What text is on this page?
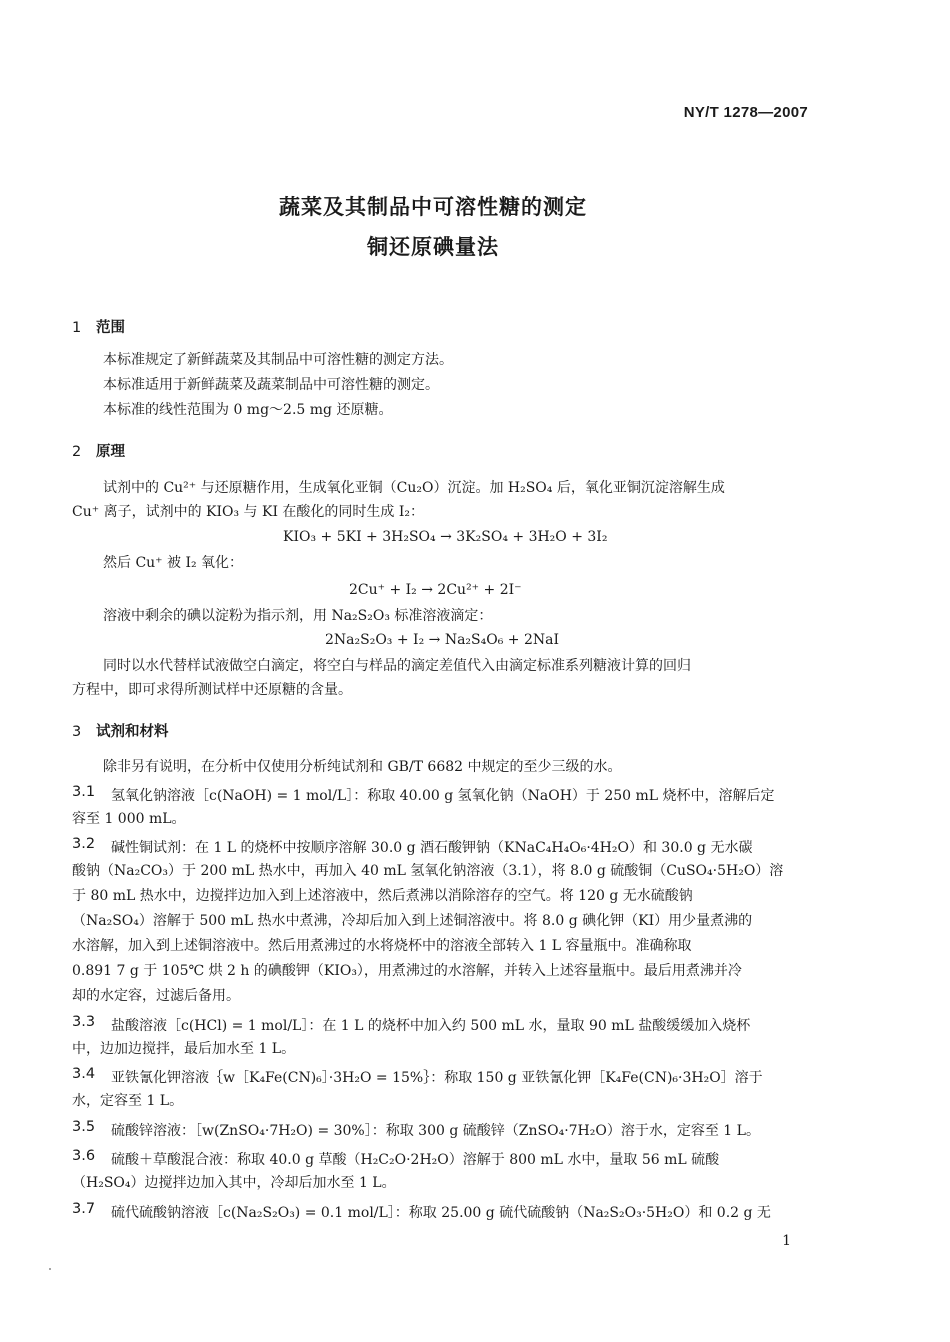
NY/T 1278—2007
蔬菜及其制品中可溶性糖的测定
铜还原碘量法
1 范围
本标准规定了新鲜蔬菜及其制品中可溶性糖的测定方法。
本标准适用于新鲜蔬菜及蔬菜制品中可溶性糖的测定。
本标准的线性范围为 0 mg～2.5 mg 还原糖。
2 原理
试剂中的 Cu²⁺ 与还原糖作用，生成氧化亚铜（Cu₂O）沉淀。加 H₂SO₄ 后，氧化亚铜沉淀溶解生成
Cu⁺ 离子，试剂中的 KIO₃ 与 KI 在酸化的同时生成 I₂：
KIO₃ + 5KI + 3H₂SO₄ → 3K₂SO₄ + 3H₂O + 3I₂
然后 Cu⁺ 被 I₂ 氧化：
2Cu⁺ + I₂ → 2Cu²⁺ + 2I⁻
溶液中剩余的碘以淀粉为指示剂，用 Na₂S₂O₃ 标准溶液滴定：
2Na₂S₂O₃ + I₂ → Na₂S₄O₆ + 2NaI
同时以水代替样试液做空白滴定，将空白与样品的滴定差值代入由滴定标准系列糖液计算的回归
方程中，即可求得所测试样中还原糖的含量。
3 试剂和材料
除非另有说明，在分析中仅使用分析纯试剂和 GB/T 6682 中规定的至少三级的水。
3.1 氢氧化钠溶液［c(NaOH) = 1 mol/L］：称取 40.00 g 氢氧化钠（NaOH）于 250 mL 烧杯中，溶解后定
容至 1 000 mL。
3.2 碱性铜试剂：在 1 L 的烧杯中按顺序溶解 30.0 g 酒石酸钾钠（KNaC₄H₄O₆·4H₂O）和 30.0 g 无水碳
酸钠（Na₂CO₃）于 200 mL 热水中，再加入 40 mL 氢氧化钠溶液（3.1），将 8.0 g 硫酸铜（CuSO₄·5H₂O）溶
于 80 mL 热水中，边搅拌边加入到上述溶液中，然后煮沸以消除溶存的空气。将 120 g 无水硫酸钠
（Na₂SO₄）溶解于 500 mL 热水中煮沸，冷却后加入到上述铜溶液中。将 8.0 g 碘化钾（KI）用少量煮沸的
水溶解，加入到上述铜溶液中。然后用煮沸过的水将烧杯中的溶液全部转入 1 L 容量瓶中。准确称取
0.891 7 g 于 105℃ 烘 2 h 的碘酸钾（KIO₃），用煮沸过的水溶解，并转入上述容量瓶中。最后用煮沸并冷
却的水定容，过滤后备用。
3.3 盐酸溶液［c(HCl) = 1 mol/L］：在 1 L 的烧杯中加入约 500 mL 水，量取 90 mL 盐酸缓缓加入烧杯
中，边加边搅拌，最后加水至 1 L。
3.4 亚铁氰化钾溶液｛w［K₄Fe(CN)₆］·3H₂O = 15%｝：称取 150 g 亚铁氰化钾［K₄Fe(CN)₆·3H₂O］溶于
水，定容至 1 L。
3.5 硫酸锌溶液：［w(ZnSO₄·7H₂O) = 30%］：称取 300 g 硫酸锌（ZnSO₄·7H₂O）溶于水，定容至 1 L。
3.6 硫酸＋草酸混合液：称取 40.0 g 草酸（H₂C₂O·2H₂O）溶解于 800 mL 水中，量取 56 mL 硫酸
（H₂SO₄）边搅拌边加入其中，冷却后加水至 1 L。
3.7 硫代硫酸钠溶液［c(Na₂S₂O₃) = 0.1 mol/L］：称取 25.00 g 硫代硫酸钠（Na₂S₂O₃·5H₂O）和 0.2 g 无
1
